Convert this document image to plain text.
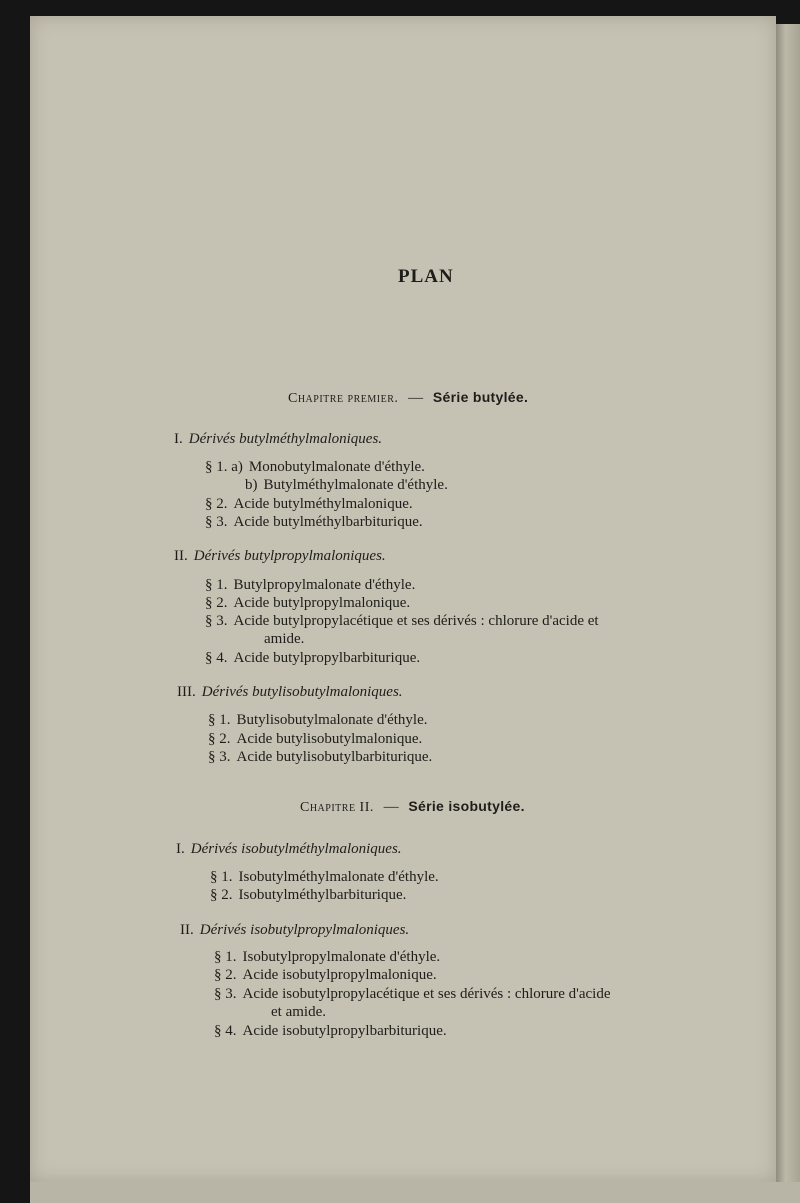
PLAN
Chapitre premier. — Série butylée.
I. Dérivés butylméthylmaloniques.
§ 1. a) Monobutylmalonate d'éthyle.
b) Butylméthylmalonate d'éthyle.
§ 2. Acide butylméthylmalonique.
§ 3. Acide butylméthylbarbiturique.
II. Dérivés butylpropylmaloniques.
§ 1. Butylpropylmalonate d'éthyle.
§ 2. Acide butylpropylmalonique.
§ 3. Acide butylpropylacétique et ses dérivés : chlorure d'acide et
amide.
§ 4. Acide butylpropylbarbiturique.
III. Dérivés butylisobutylmaloniques.
§ 1. Butylisobutylmalonate d'éthyle.
§ 2. Acide butylisobutylmalonique.
§ 3. Acide butylisobutylbarbiturique.
Chapitre II. — Série isobutylée.
I. Dérivés isobutylméthylmaloniques.
§ 1. Isobutylméthylmalonate d'éthyle.
§ 2. Isobutylméthylbarbiturique.
II. Dérivés isobutylpropylmaloniques.
§ 1. Isobutylpropylmalonate d'éthyle.
§ 2. Acide isobutylpropylmalonique.
§ 3. Acide isobutylpropylacétique et ses dérivés : chlorure d'acide
et amide.
§ 4. Acide isobutylpropylbarbiturique.
